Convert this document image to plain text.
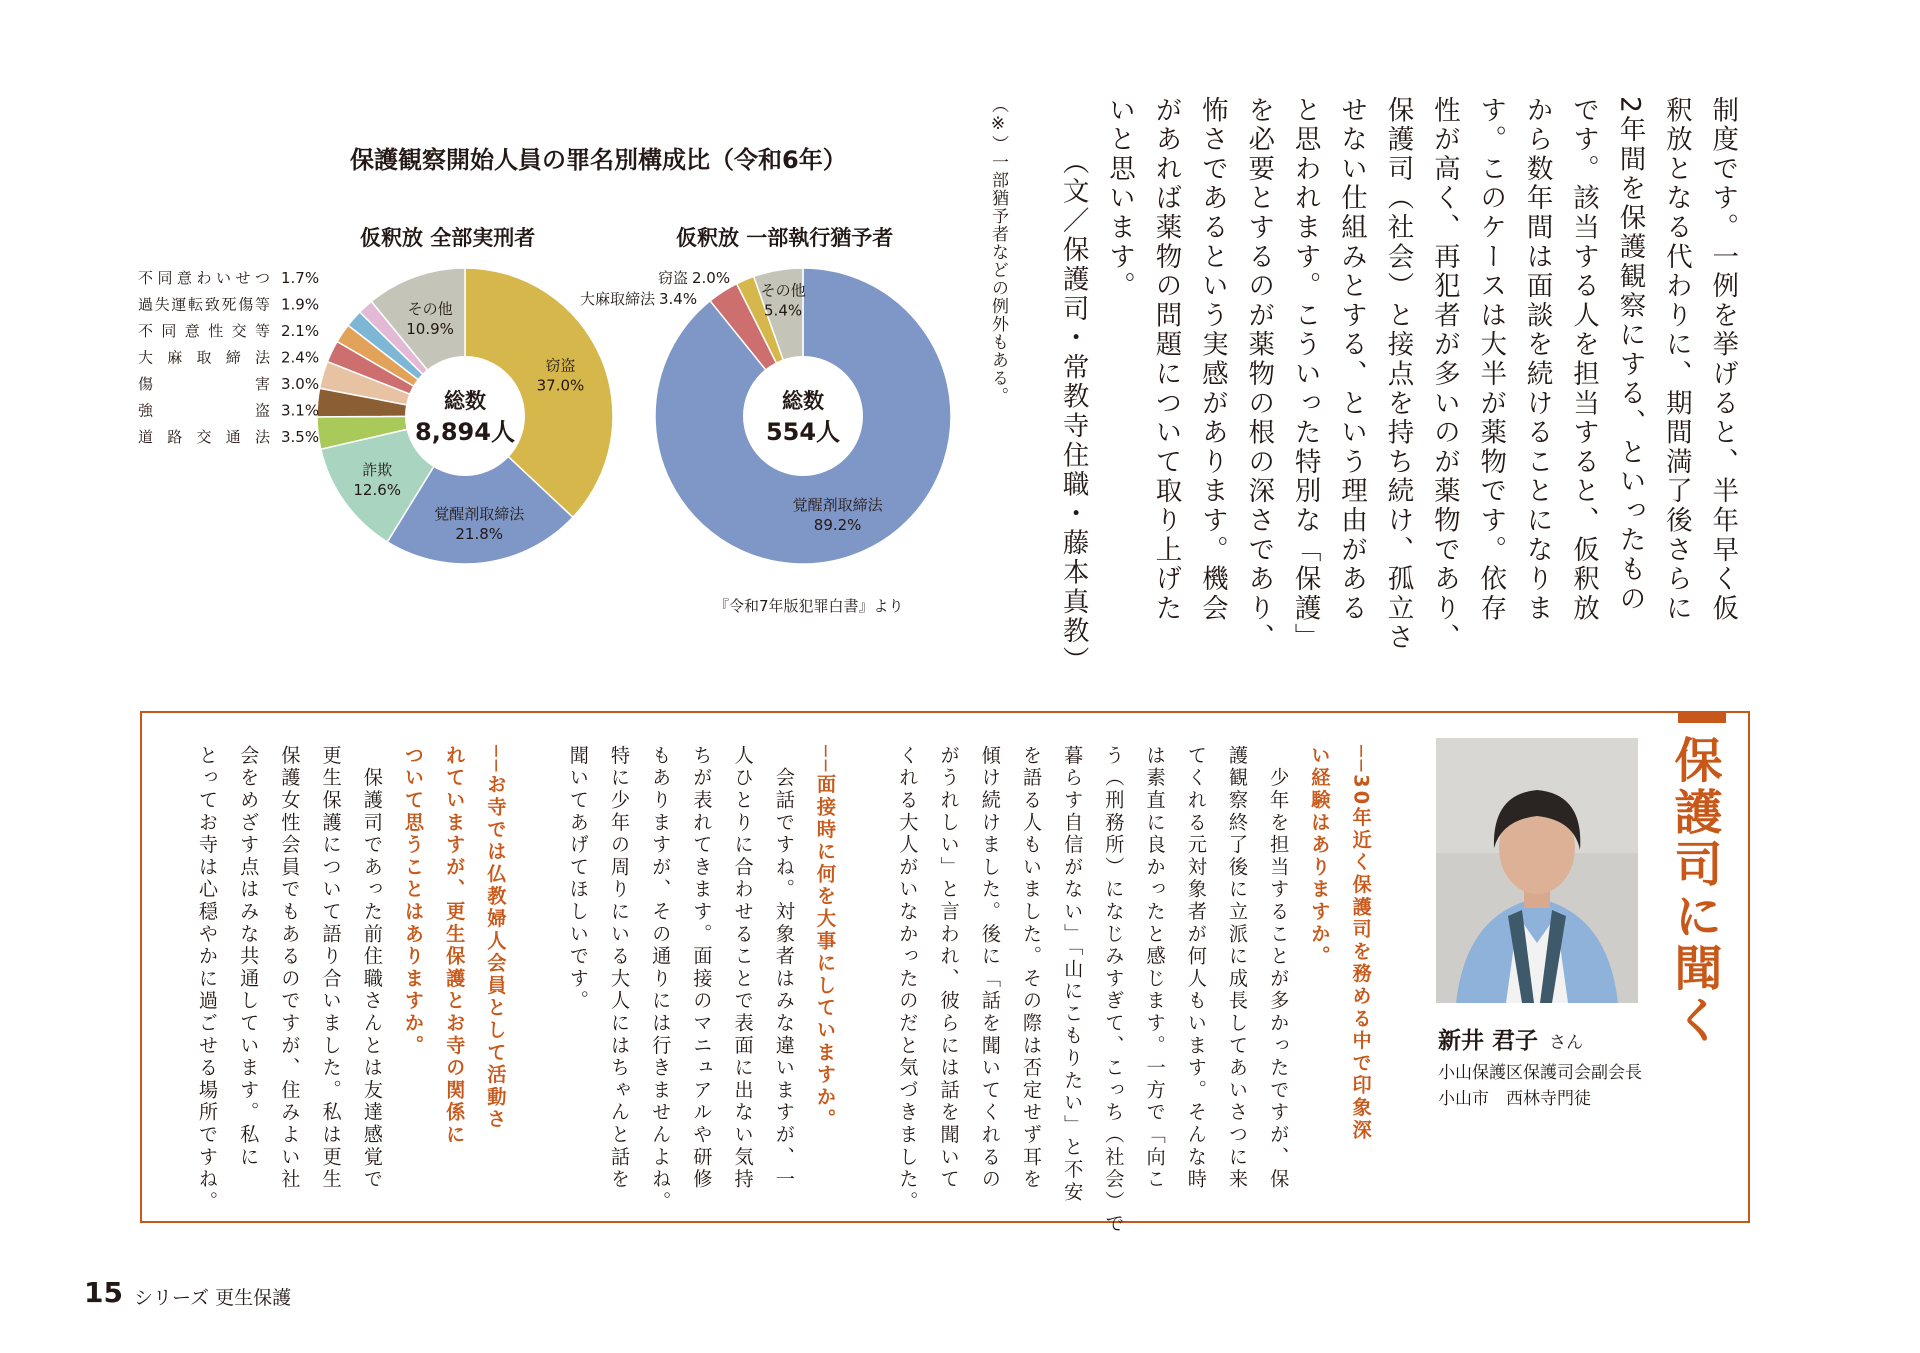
保護観察開始人員の罪名別構成比（令和6年）
仮釈放 全部実刑者	仮釈放 一部執行猶予者
総数
8,894人
窃盗
37.0%
覚醒剤取締法
21.8%
詐欺
12.6%
その他
10.9%
総数
554人
覚醒剤取締法
89.2%
その他
5.4%
窃盗 2.0%
大麻取締法 3.4%
不同意わいせつ 1.7%
過失運転致死傷等 1.9%
不同意性交等 2.1%
大麻取締法 2.4%
傷害 3.0%
強盗 3.1%
道路交通法 3.5%
『令和7年版犯罪白書』より
（※）一部猶予者などの例外もある。	制度です。一例を挙げると、半年早く仮
釈放となる代わりに、期間満了後さらに
2年間を保護観察にする、といったもの
です。該当する人を担当すると、仮釈放
から数年間は面談を続けることになりま
す。このケースは大半が薬物です。依存
性が高く、再犯者が多いのが薬物であり、
保護司（社会）と接点を持ち続け、孤立さ
せない仕組みとする、という理由がある
と思われます。こういった特別な「保護」
を必要とするのが薬物の根の深さであり、
怖さであるという実感があります。機会
があれば薬物の問題について取り上げた
いと思います。
（文／保護司・常教寺住職・藤本真教）
保護司に聞く
新井 君子 さん
小山保護区保護司会副会長
小山市　西林寺門徒
──30年近く保護司を務める中で印象深
い経験はありますか。
　少年を担当することが多かったですが、保
護観察終了後に立派に成長してあいさつに来
てくれる元対象者が何人もいます。そんな時
は素直に良かったと感じます。一方で「向こ
う（刑務所）になじみすぎて、こっち（社会）で
暮らす自信がない」「山にこもりたい」と不安
を語る人もいました。その際は否定せず耳を
傾け続けました。後に「話を聞いてくれるの
がうれしい」と言われ、彼らには話を聞いて
くれる大人がいなかったのだと気づきました。
──面接時に何を大事にしていますか。
　会話ですね。対象者はみな違いますが、一
人ひとりに合わせることで表面に出ない気持
ちが表れてきます。面接のマニュアルや研修
もありますが、その通りには行きませんよね。
特に少年の周りにいる大人にはちゃんと話を
聞いてあげてほしいです。
──お寺では仏教婦人会員として活動さ
れていますが、更生保護とお寺の関係に
ついて思うことはありますか。
　保護司であった前住職さんとは友達感覚で
更生保護について語り合いました。私は更生
保護女性会員でもあるのですが、住みよい社
会をめざす点はみな共通しています。私に
とってお寺は心穏やかに過ごせる場所ですね。
15 シリーズ 更生保護
